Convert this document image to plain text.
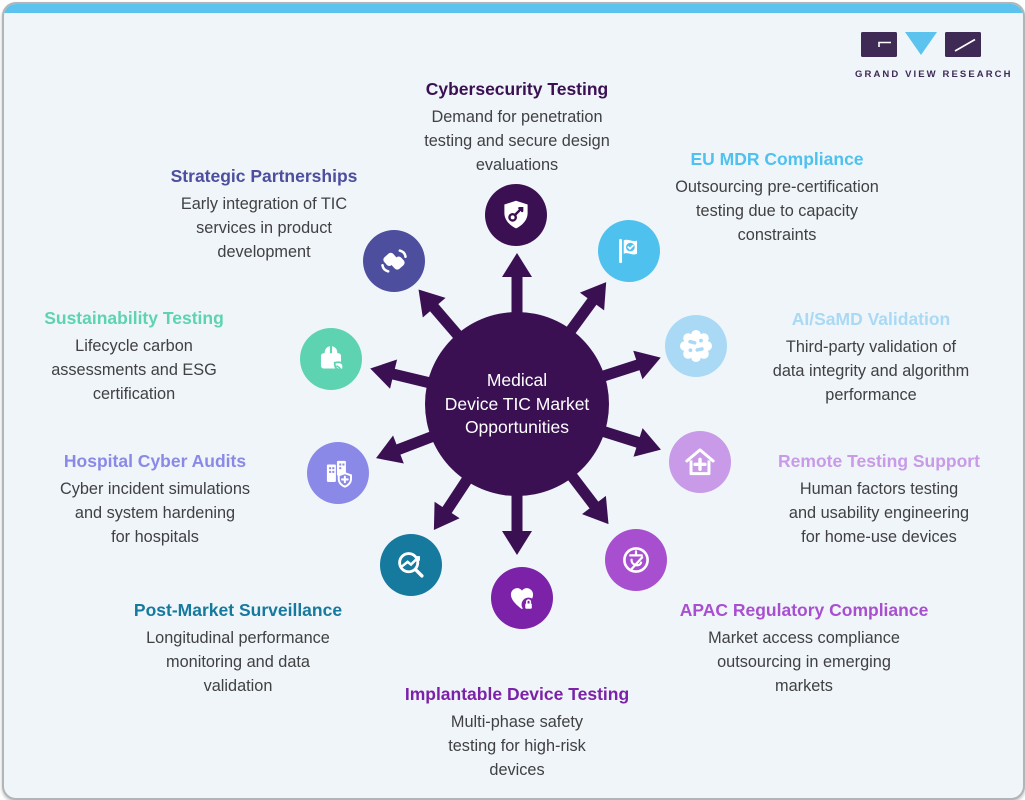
Medical
Device TIC Market
Opportunities
Cybersecurity Testing
Demand for penetration
testing and secure design
evaluations	EU MDR Compliance
Outsourcing pre-certification
testing due to capacity
constraints
AI/SaMD Validation
Third-party validation of
data integrity and algorithm
performance
Remote Testing Support
Human factors testing
and usability engineering
for home-use devices
APAC Regulatory Compliance
Market access compliance
outsourcing in emerging
markets
Implantable Device Testing
Multi-phase safety
testing for high-risk
devices
Post-Market Surveillance
Longitudinal performance
monitoring and data
validation
Hospital Cyber Audits
Cyber incident simulations
and system hardening
for hospitals
Sustainability Testing
Lifecycle carbon
assessments and ESG
certification
Strategic Partnerships
Early integration of TIC
services in product
development
GRAND VIEW RESEARCH
